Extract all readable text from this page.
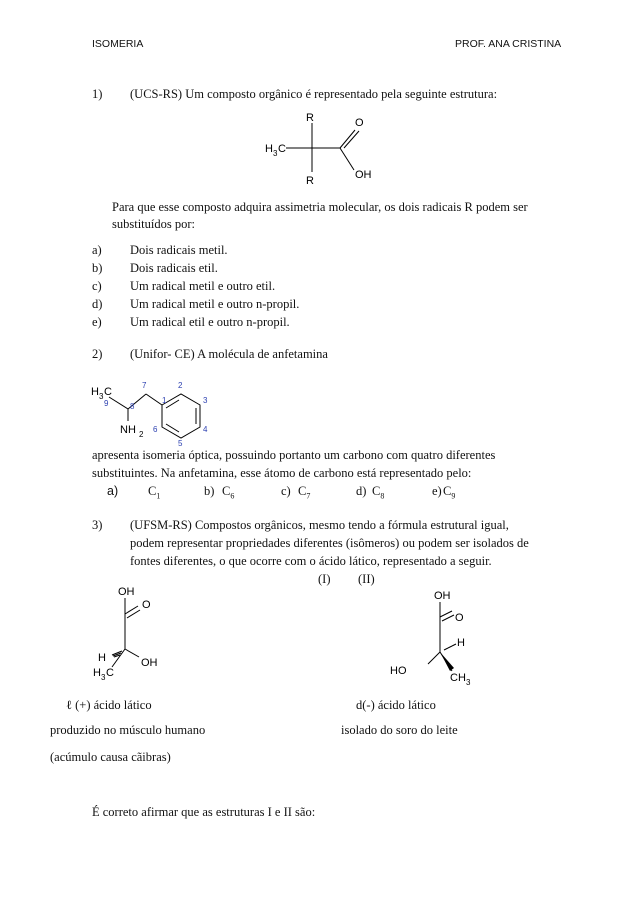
ISOMERIA	PROF. ANA CRISTINA
1) (UCS-RS) Um composto orgânico é representado pela seguinte estrutura:
R
R
O
OH
H 3 C
Para que esse composto adquira assimetria molecular, os dois radicais R podem ser
substituídos por:
a) Dois radicais metil.
b) Dois radicais etil.
c) Um radical metil e outro etil.
d) Um radical metil e outro n-propil.
e) Um radical etil e outro n-propil.
2) (Unifor- CE) A molécula de anfetamina
H 3 C
NH 2
1
2
3
4
5
6
7
8
9
apresenta isomeria óptica, possuindo portanto um carbono com quatro diferentes
substituintes. Na anfetamina, esse átomo de carbono está representado pelo:
a) $C_1$	b) $C_6$	c) $C_7$	d) $C_8$	e) $C_9$
3) (UFSM-RS) Compostos orgânicos, mesmo tendo a fórmula estrutural igual,
podem representar propriedades diferentes (isômeros) ou podem ser isolados de
fontes diferentes, o que ocorre com o ácido lático, representado a seguir.
(I) (II)
OH
O
H	OH
H 3 C
OH
O
H
HO
CH 3
ℓ (+) ácido lático	d(-) ácido lático
produzido no músculo humano	isolado do soro do leite
(acúmulo causa cãibras)
É correto afirmar que as estruturas I e II são:
